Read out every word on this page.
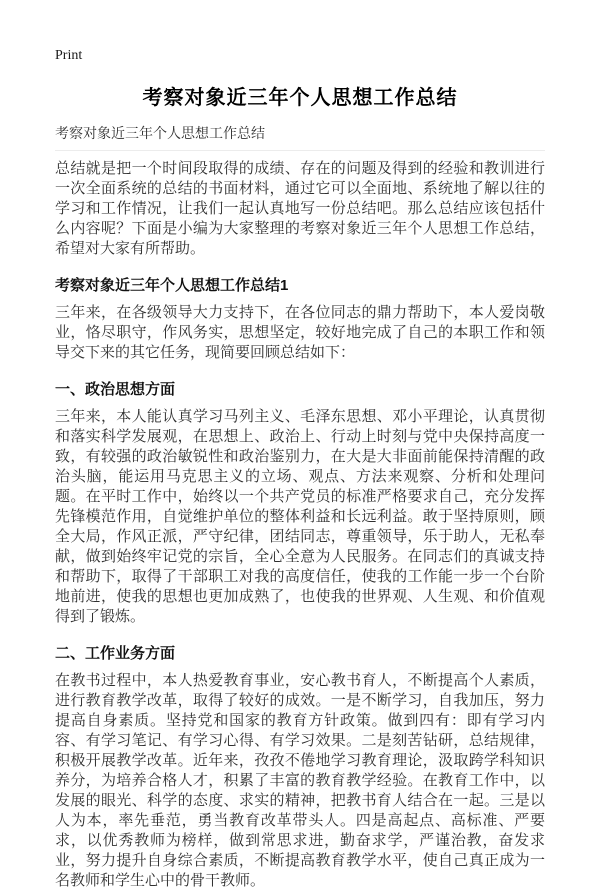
Print
考察对象近三年个人思想工作总结
考察对象近三年个人思想工作总结

总结就是把一个时间段取得的成绩、存在的问题及得到的经验和教训进行一次全面系统的总结的书面材料，通过它可以全面地、系统地了解以往的学习和工作情况，让我们一起认真地写一份总结吧。那么总结应该包括什么内容呢？下面是小编为大家整理的考察对象近三年个人思想工作总结，希望对大家有所帮助。

考察对象近三年个人思想工作总结1

三年来，在各级领导大力支持下，在各位同志的鼎力帮助下，本人爱岗敬业，恪尽职守，作风务实，思想坚定，较好地完成了自己的本职工作和领导交下来的其它任务，现简要回顾总结如下：

一、政治思想方面

三年来，本人能认真学习马列主义、毛泽东思想、邓小平理论，认真贯彻和落实科学发展观，在思想上、政治上、行动上时刻与党中央保持高度一致，有较强的政治敏锐性和政治鉴别力，在大是大非面前能保持清醒的政治头脑，能运用马克思主义的立场、观点、方法来观察、分析和处理问题。在平时工作中，始终以一个共产党员的标准严格要求自己，充分发挥先锋模范作用，自觉维护单位的整体利益和长远利益。敢于坚持原则，顾全大局，作风正派，严守纪律，团结同志，尊重领导，乐于助人，无私奉献，做到始终牢记党的宗旨，全心全意为人民服务。在同志们的真诚支持和帮助下，取得了干部职工对我的高度信任，使我的工作能一步一个台阶地前进，使我的思想也更加成熟了，也使我的世界观、人生观、和价值观得到了锻炼。

二、工作业务方面

在教书过程中，本人热爱教育事业，安心教书育人，不断提高个人素质，进行教育教学改革，取得了较好的成效。一是不断学习，自我加压，努力提高自身素质。坚持党和国家的教育方针政策。做到四有：即有学习内容、有学习笔记、有学习心得、有学习效果。二是刻苦钻研，总结规律，积极开展教学改革。近年来，孜孜不倦地学习教育理论，汲取跨学科知识养分，为培养合格人才，积累了丰富的教育教学经验。在教育工作中，以发展的眼光、科学的态度、求实的精神，把教书育人结合在一起。三是以人为本，率先垂范，勇当教育改革带头人。四是高起点、高标准、严要求，以优秀教师为榜样，做到常思求进，勤奋求学，严谨治教，奋发求业，努力提升自身综合素质，不断提高教育教学水平，使自己真正成为一名教师和学生心中的骨干教师。
